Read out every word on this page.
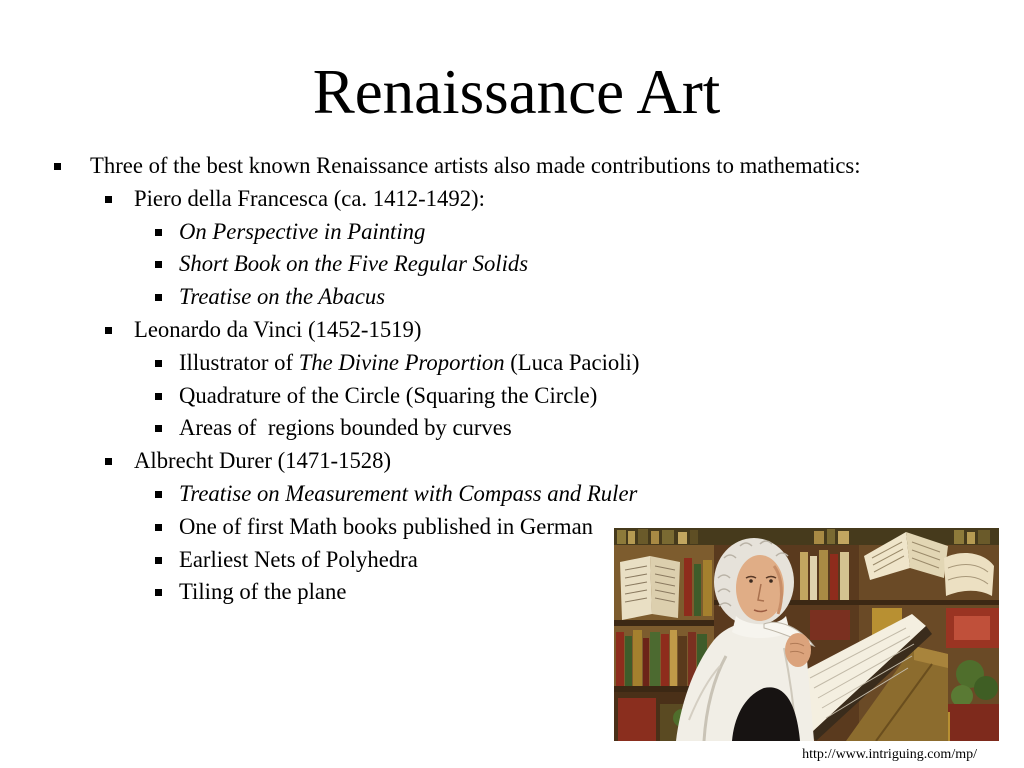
Renaissance Art
Three of the best known Renaissance artists also made contributions to mathematics:
Piero della Francesca (ca. 1412-1492):
On Perspective in Painting
Short Book on the Five Regular Solids
Treatise on the Abacus
Leonardo da Vinci (1452-1519)
Illustrator of The Divine Proportion (Luca Pacioli)
Quadrature of the Circle (Squaring the Circle)
Areas of  regions bounded by curves
Albrecht Durer (1471-1528)
Treatise on Measurement with Compass and Ruler
One of first Math books published in German
Earliest Nets of Polyhedra
Tiling of the plane
http://www.intriguing.com/mp/
